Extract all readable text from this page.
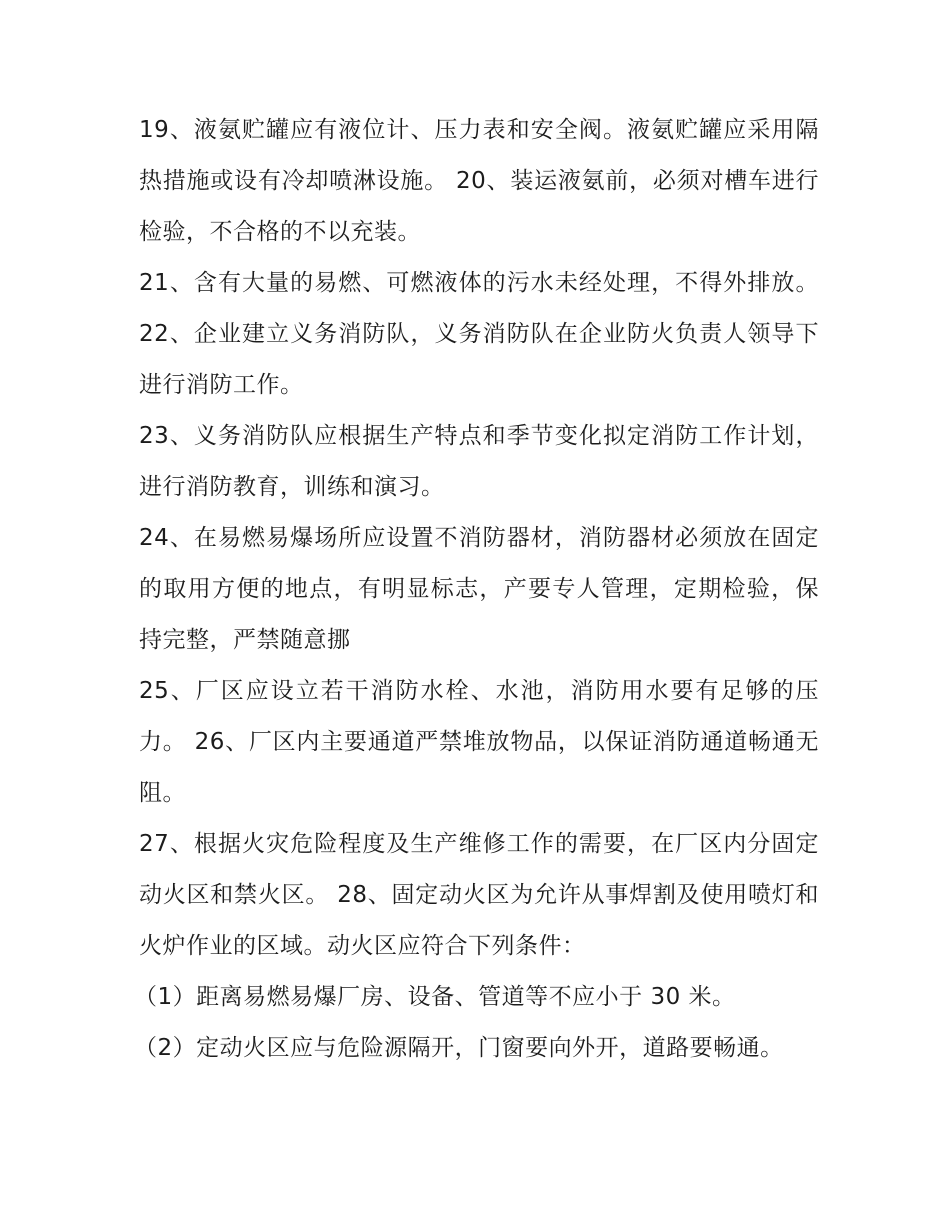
19、液氨贮罐应有液位计、压力表和安全阀。液氨贮罐应采用隔热措施或设有冷却喷淋设施。 20、装运液氨前，必须对槽车进行检验，不合格的不以充装。

21、含有大量的易燃、可燃液体的污水未经处理，不得外排放。 22、企业建立义务消防队，义务消防队在企业防火负责人领导下进行消防工作。

23、义务消防队应根据生产特点和季节变化拟定消防工作计划，进行消防教育，训练和演习。

24、在易燃易爆场所应设置不消防器材，消防器材必须放在固定的取用方便的地点，有明显标志，产要专人管理，定期检验，保持完整，严禁随意挪

25、厂区应设立若干消防水栓、水池，消防用水要有足够的压力。 26、厂区内主要通道严禁堆放物品，以保证消防通道畅通无阻。

27、根据火灾危险程度及生产维修工作的需要，在厂区内分固定动火区和禁火区。 28、固定动火区为允许从事焊割及使用喷灯和火炉作业的区域。动火区应符合下列条件：

（1）距离易燃易爆厂房、设备、管道等不应小于 30 米。

（2）定动火区应与危险源隔开，门窗要向外开，道路要畅通。
